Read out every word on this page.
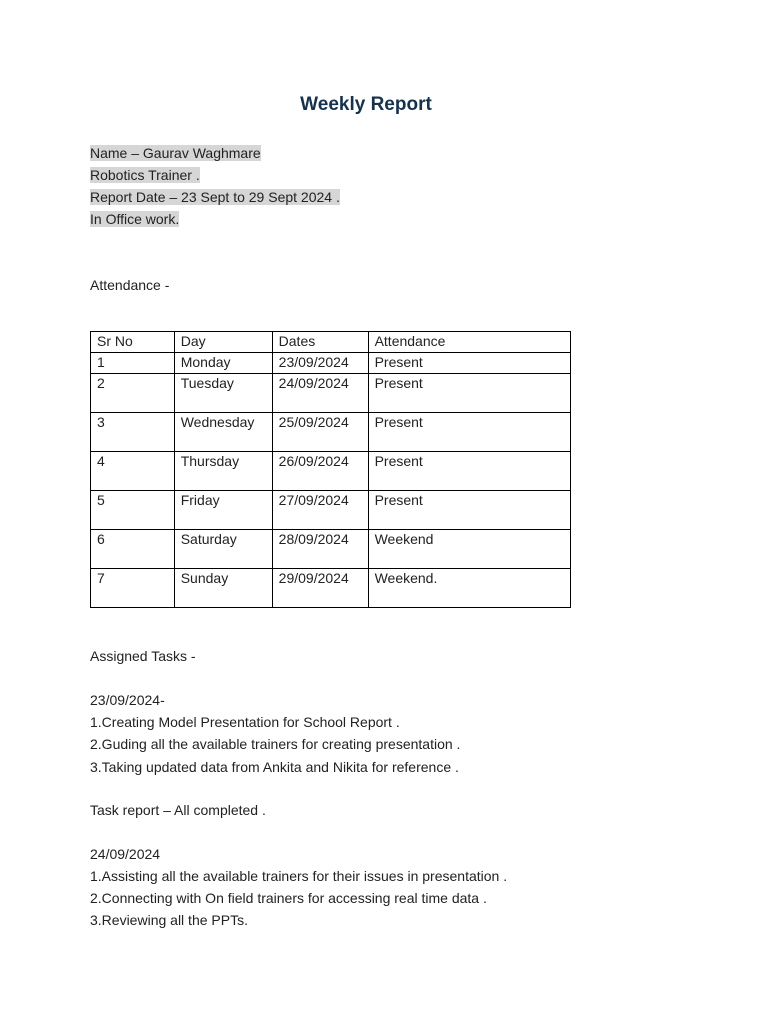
Weekly Report
Name – Gaurav Waghmare
Robotics Trainer .
Report Date – 23 Sept to 29 Sept 2024 .
In Office work.
Attendance -
Sr No	Day	Dates	Attendance
1	Monday	23/09/2024	Present
2	Tuesday	24/09/2024	Present
3	Wednesday	25/09/2024	Present
4	Thursday	26/09/2024	Present
5	Friday	27/09/2024	Present
6	Saturday	28/09/2024	Weekend
7	Sunday	29/09/2024	Weekend.
Assigned Tasks -
23/09/2024-
1.Creating Model Presentation for School Report .
2.Guding all the available trainers for creating presentation .
3.Taking updated data from Ankita and Nikita for reference .
Task report – All completed .
24/09/2024
1.Assisting all the available trainers for their issues in presentation .
2.Connecting with On field trainers for accessing real time data .
3.Reviewing all the PPTs.
